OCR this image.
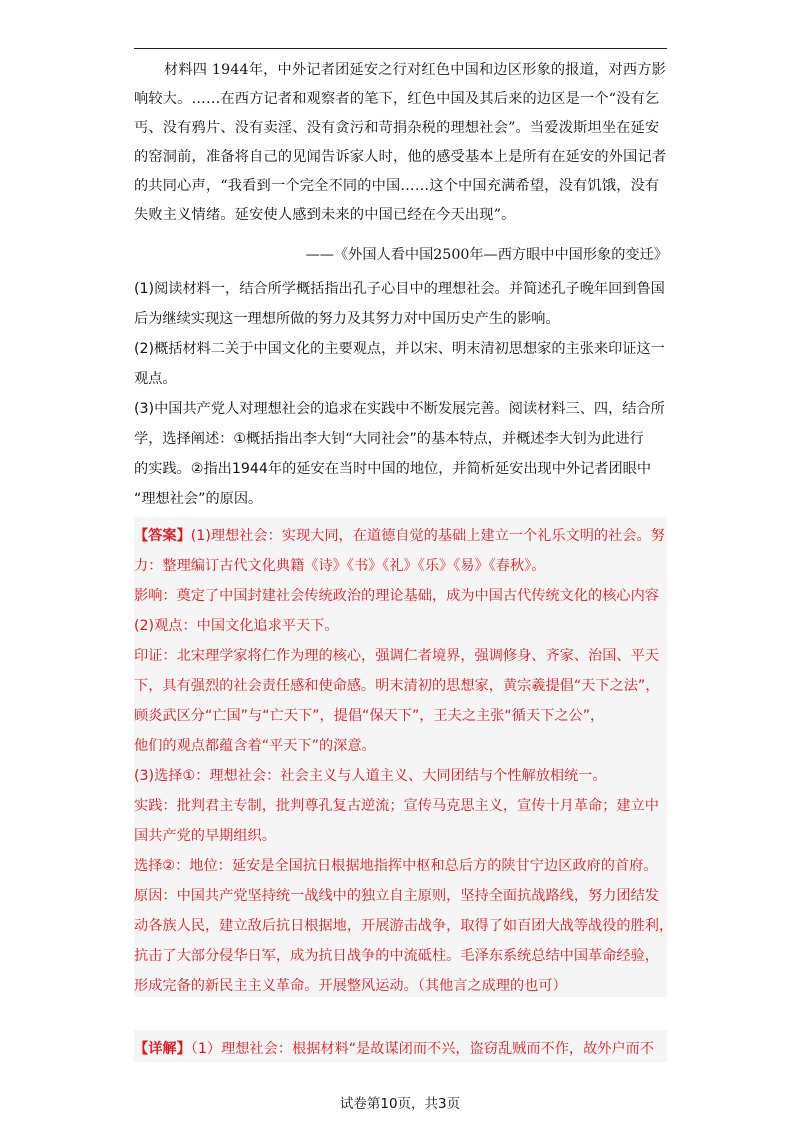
材料四 1944年，中外记者团延安之行对红色中国和边区形象的报道，对西方影
响较大。……在西方记者和观察者的笔下，红色中国及其后来的边区是一个“没有乞
丐、没有鸦片、没有卖淫、没有贪污和苛捐杂税的理想社会”。当爱泼斯坦坐在延安
的窑洞前，准备将自己的见闻告诉家人时，他的感受基本上是所有在延安的外国记者
的共同心声，“我看到一个完全不同的中国……这个中国充满希望，没有饥饿，没有
失败主义情绪。延安使人感到未来的中国已经在今天出现”。
——《外国人看中国2500年—西方眼中中国形象的变迁》
(1)阅读材料一，结合所学概括指出孔子心目中的理想社会。并简述孔子晚年回到鲁国
后为继续实现这一理想所做的努力及其努力对中国历史产生的影响。
(2)概括材料二关于中国文化的主要观点，并以宋、明末清初思想家的主张来印证这一
观点。
(3)中国共产党人对理想社会的追求在实践中不断发展完善。阅读材料三、四，结合所
学，选择阐述：①概括指出李大钊“大同社会”的基本特点，并概述李大钊为此进行
的实践。②指出1944年的延安在当时中国的地位，并简析延安出现中外记者团眼中
“理想社会”的原因。
【答案】(1)理想社会：实现大同，在道德自觉的基础上建立一个礼乐文明的社会。努
力：整理编订古代文化典籍《诗》《书》《礼》《乐》《易》《春秋》。
影响：奠定了中国封建社会传统政治的理论基础，成为中国古代传统文化的核心内容
(2)观点：中国文化追求平天下。
印证：北宋理学家将仁作为理的核心，强调仁者境界，强调修身、齐家、治国、平天
下，具有强烈的社会责任感和使命感。明末清初的思想家，黄宗羲提倡“天下之法”，
顾炎武区分“亡国”与“亡天下”，提倡“保天下”，王夫之主张“循天下之公”，
他们的观点都蕴含着“平天下”的深意。
(3)选择①：理想社会：社会主义与人道主义、大同团结与个性解放相统一。
实践：批判君主专制，批判尊孔复古逆流；宣传马克思主义，宣传十月革命；建立中
国共产党的早期组织。
选择②：地位：延安是全国抗日根据地指挥中枢和总后方的陕甘宁边区政府的首府。
原因：中国共产党坚持统一战线中的独立自主原则，坚持全面抗战路线，努力团结发
动各族人民，建立敌后抗日根据地，开展游击战争，取得了如百团大战等战役的胜利，
抗击了大部分侵华日军，成为抗日战争的中流砥柱。毛泽东系统总结中国革命经验，
形成完备的新民主主义革命。开展整风运动。（其他言之成理的也可）
【详解】（1）理想社会：根据材料“是故谋闭而不兴，盗窃乱贼而不作，故外户而不
试卷第10页，共3页
